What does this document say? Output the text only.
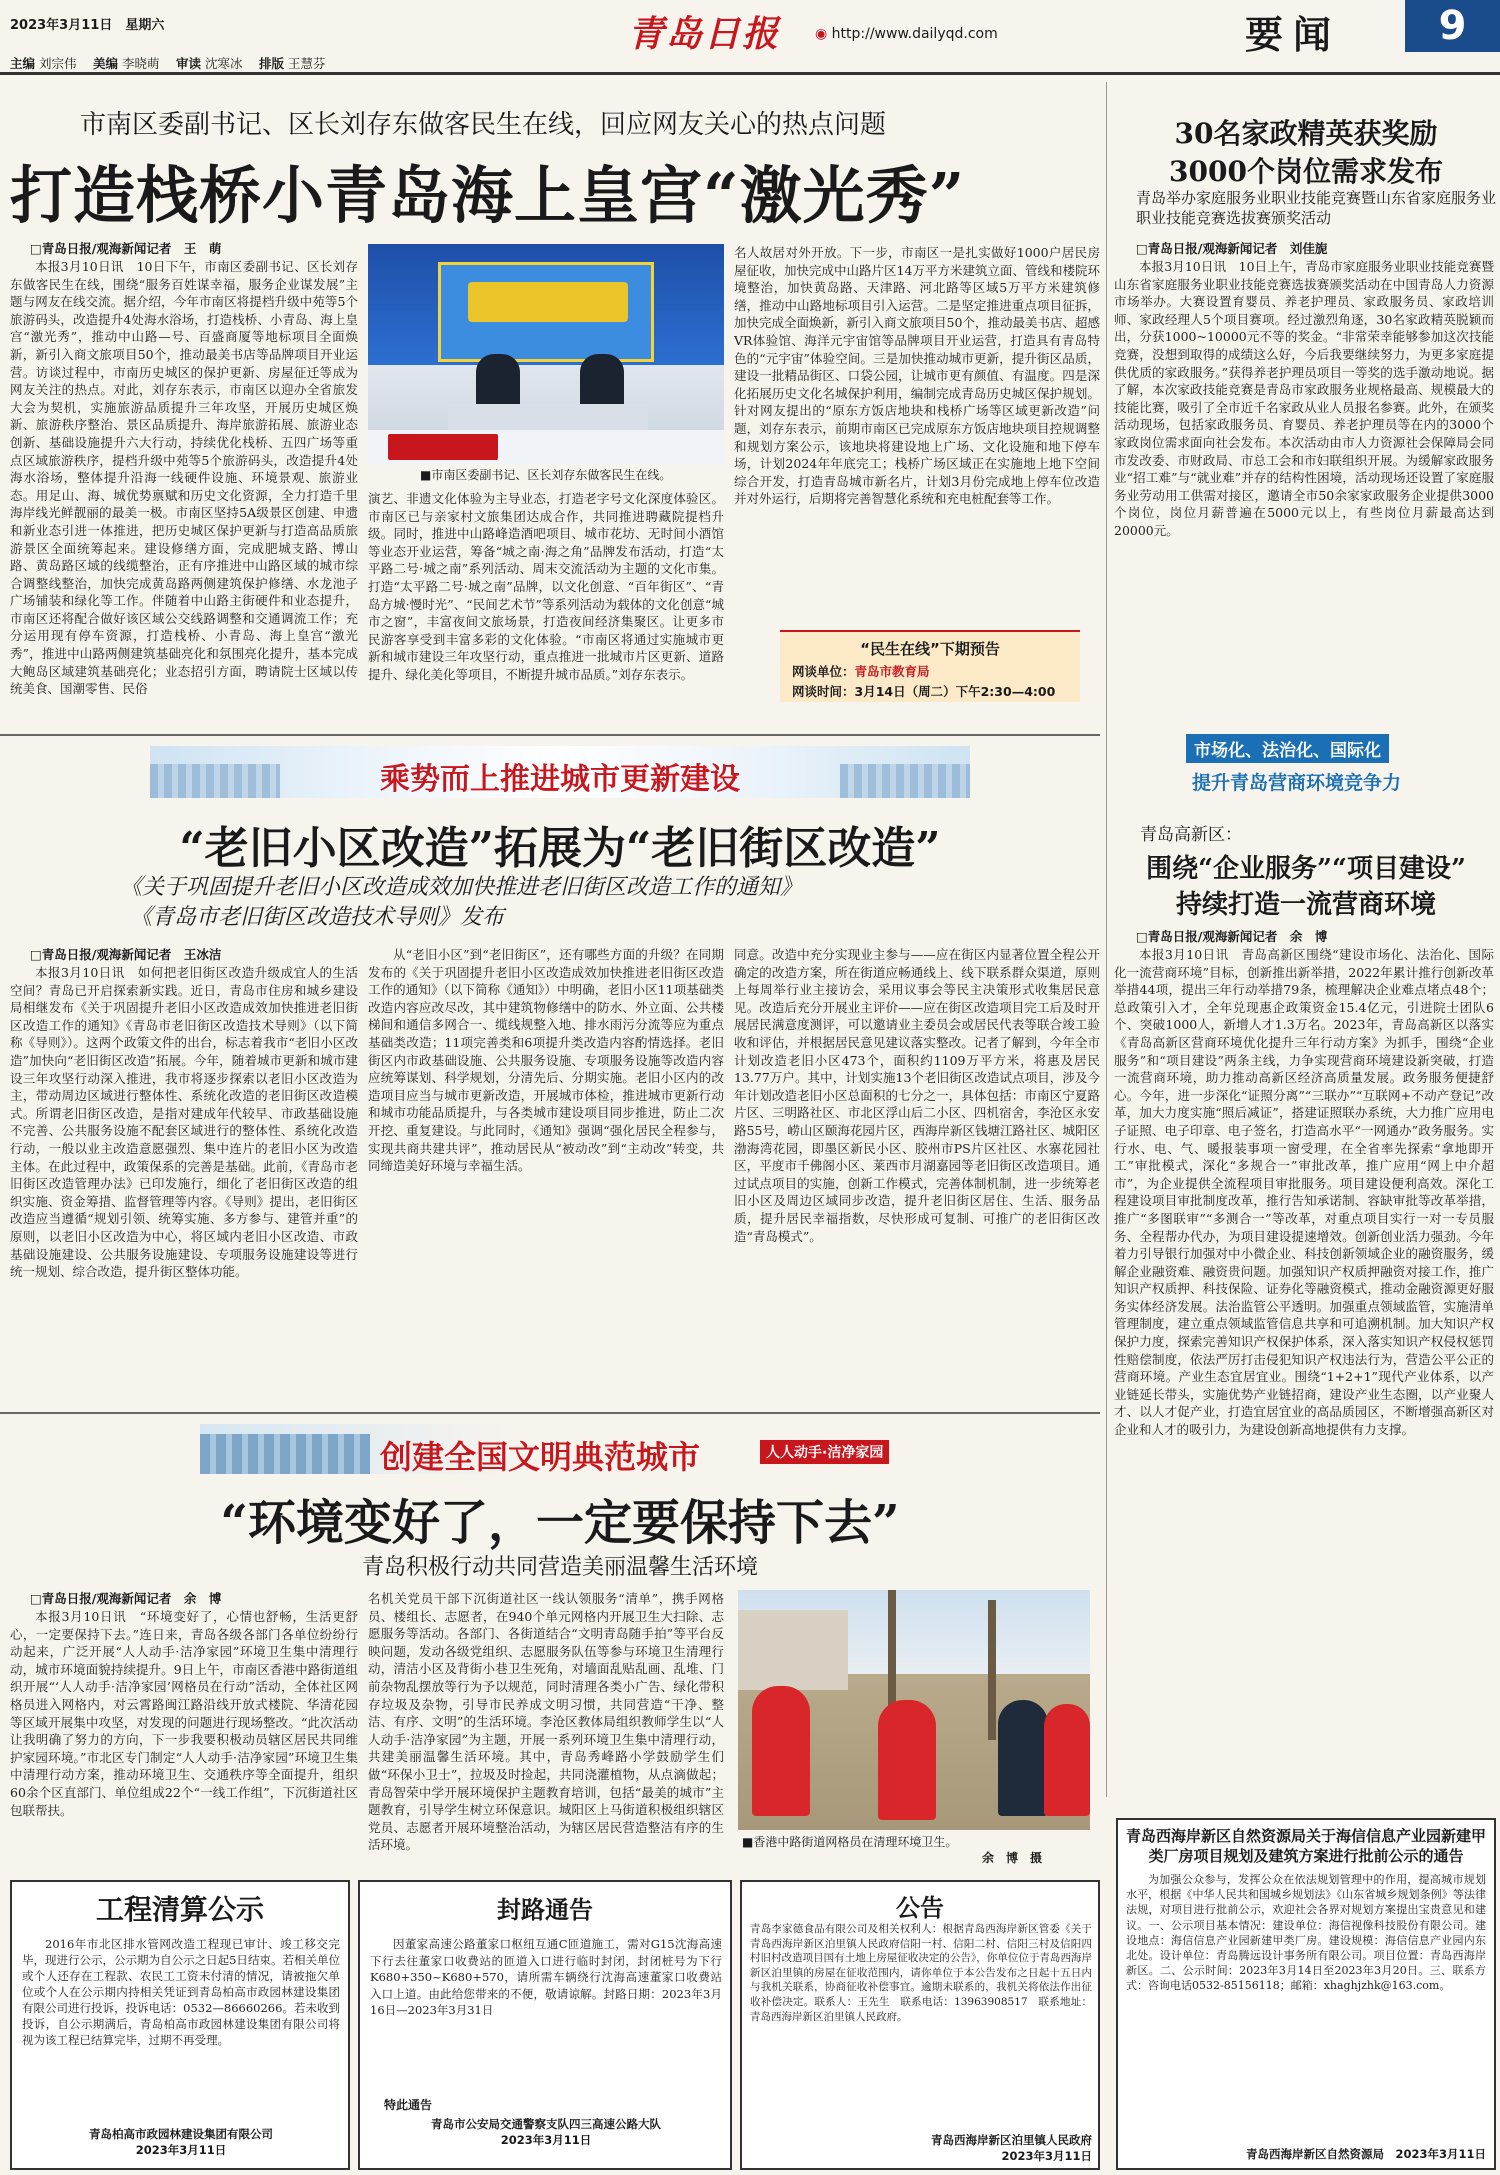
2023年3月11日　 星期六	青岛日报 ◉ http://www.dailyqd.com	要闻	9
主编 刘宗伟　 美编 李晓萌　 审读 沈寒冰　 排版 王慧芬
市南区委副书记、区长刘存东做客民生在线，回应网友关心的热点问题
打造栈桥小青岛海上皇宫“激光秀”
□青岛日报/观海新闻记者　王　萌

本报3月10日讯　10日下午，市南区委副书记、区长刘存东做客民生在线，围绕“服务百姓谋幸福，服务企业谋发展”主题与网友在线交流。据介绍，今年市南区将提档升级中苑等5个旅游码头，改造提升4处海水浴场，打造栈桥、小青岛、海上皇宫“激光秀”，推动中山路—号、百盛商厦等地标项目全面焕新，新引入商文旅项目50个，推动最美书店等品牌项目开业运营。访谈过程中，市南历史城区的保护更新、房屋征迁等成为网友关注的热点。对此，刘存东表示，市南区以迎办全省旅发大会为契机，实施旅游品质提升三年攻坚，开展历史城区焕新、旅游秩序整治、景区品质提升、海岸旅游拓展、旅游业态创新、基础设施提升六大行动，持续优化栈桥、五四广场等重点区域旅游秩序，提档升级中苑等5个旅游码头，改造提升4处海水浴场，整体提升沿海一线硬件设施、环境景观、旅游业态。用足山、海、城优势禀赋和历史文化资源，全力打造千里海岸线光鲜靓丽的最美一极。市南区坚持5A级景区创建、申遗和新业态引进一体推进，把历史城区保护更新与打造高品质旅游景区全面统筹起来。建设修缮方面，完成肥城支路、博山路、黄岛路区域的线缆整治，正有序推进中山路区域的城市综合调整线整治，加快完成黄岛路两侧建筑保护修缮、水龙池子广场铺装和绿化等工作。伴随着中山路主街硬件和业态提升，市南区还将配合做好该区域公交线路调整和交通调流工作；充分运用现有停车资源，打造栈桥、小青岛、海上皇宫“激光秀”，推进中山路两侧建筑基础亮化和氛围亮化提升，基本完成大鲍岛区域建筑基础亮化；业态招引方面，聘请院士区域以传统美食、国潮零售、民俗

■市南区委副书记、区长刘存东做客民生在线。

演艺、非遗文化体验为主导业态，打造老字号文化深度体验区。市南区已与亲家村文旅集团达成合作，共同推进聘藏院提档升级。同时，推进中山路峰造酒吧项目、城市花坊、无时间小酒馆等业态开业运营，筹备“城之南·海之角”品牌发布活动，打造“太平路二号·城之南”系列活动、周末交流活动为主题的文化市集。打造“太平路二号·城之南”品牌，以文化创意、“百年街区”、“青岛方城·慢时光”、“民间艺术节”等系列活动为载体的文化创意“城市之窗”，丰富夜间文旅场景，打造夜间经济集聚区。让更多市民游客享受到丰富多彩的文化体验。“市南区将通过实施城市更新和城市建设三年攻坚行动，重点推进一批城市片区更新、道路提升、绿化美化等项目，不断提升城市品质。”刘存东表示。

名人故居对外开放。下一步，市南区一是扎实做好1000户居民房屋征收，加快完成中山路片区14万平方米建筑立面、管线和楼院环境整治，加快黄岛路、天津路、河北路等区域5万平方米建筑修缮，推动中山路地标项目引入运营。二是坚定推进重点项目征拆，加快完成全面焕新，新引入商文旅项目50个，推动最美书店、超感VR体验馆、海洋元宇宙馆等品牌项目开业运营，打造具有青岛特色的“元宇宙”体验空间。三是加快推动城市更新，提升街区品质，建设一批精品街区、口袋公园，让城市更有颜值、有温度。四是深化拓展历史文化名城保护利用，编制完成青岛历史城区保护规划。针对网友提出的“原东方饭店地块和栈桥广场等区域更新改造”问题，刘存东表示，前期市南区已完成原东方饭店地块项目控规调整和规划方案公示，该地块将建设地上广场、文化设施和地下停车场，计划2024年年底完工；栈桥广场区域正在实施地上地下空间综合开发，打造青岛城市新名片，计划3月份完成地上停车位改造并对外运行，后期将完善智慧化系统和充电桩配套等工作。

“民生在线”下期预告
网谈单位：青岛市教育局
网谈时间：3月14日（周二）下午2:30—4:00
乘势而上推进城市更新建设
“老旧小区改造”拓展为“老旧街区改造”
《关于巩固提升老旧小区改造成效加快推进老旧街区改造工作的通知》
《青岛市老旧街区改造技术导则》发布
□青岛日报/观海新闻记者　王冰洁

本报3月10日讯　如何把老旧街区改造升级成宜人的生活空间？青岛已开启探索新实践。近日，青岛市住房和城乡建设局相继发布《关于巩固提升老旧小区改造成效加快推进老旧街区改造工作的通知》《青岛市老旧街区改造技术导则》（以下简称《导则》）。这两个政策文件的出台，标志着我市“老旧小区改造”加快向“老旧街区改造”拓展。今年，随着城市更新和城市建设三年攻坚行动深入推进，我市将逐步探索以老旧小区改造为主，带动周边区域进行整体性、系统化改造的老旧街区改造模式。所谓老旧街区改造，是指对建成年代较早、市政基础设施不完善、公共服务设施不配套区域进行的整体性、系统化改造行动，一般以业主改造意愿强烈、集中连片的老旧小区为改造主体。在此过程中，政策保系的完善是基础。此前，《青岛市老旧街区改造管理办法》已印发施行，细化了老旧街区改造的组织实施、资金筹措、监督管理等内容。《导则》提出，老旧街区改造应当遵循“规划引领、统筹实施、多方参与、建管并重”的原则，以老旧小区改造为中心，将区域内老旧小区改造、市政基础设施建设、公共服务设施建设、专项服务设施建设等进行统一规划、综合改造，提升街区整体功能。

从“老旧小区”到“老旧街区”，还有哪些方面的升级？在同期发布的《关于巩固提升老旧小区改造成效加快推进老旧街区改造工作的通知》（以下简称《通知》）中明确，老旧小区11项基础类改造内容应改尽改，其中建筑物修缮中的防水、外立面、公共楼梯间和通信多网合一、缆线规整入地、排水雨污分流等应为重点基础类改造；11项完善类和6项提升类改造内容酌情选择。老旧街区内市政基础设施、公共服务设施、专项服务设施等改造内容应统筹谋划、科学规划，分清先后、分期实施。老旧小区内的改造项目应当与城市更新改造，开展城市体检，推进城市更新行动和城市功能品质提升，与各类城市建设项目同步推进，防止二次开挖、重复建设。与此同时，《通知》强调“强化居民全程参与，实现共商共建共评”，推动居民从“被动改”到“主动改”转变，共同缔造美好环境与幸福生活。

同意。改造中充分实现业主参与——应在街区内显著位置全程公开确定的改造方案，所在街道应畅通线上、线下联系群众渠道，原则上每周举行业主接访会，采用议事会等民主决策形式收集居民意见。改造后充分开展业主评价——应在街区改造项目完工后及时开展居民满意度测评，可以邀请业主委员会或居民代表等联合竣工验收和评估，并根据居民意见建议落实整改。记者了解到，今年全市计划改造老旧小区473个，面积约1109万平方米，将惠及居民13.77万户。其中，计划实施13个老旧街区改造试点项目，涉及今年计划改造老旧小区总面积的七分之一，具体包括：市南区宁夏路片区、三明路社区、市北区浮山后二小区、四机宿舍，李沧区永安路55号，崂山区颐海花园片区，西海岸新区钱塘江路社区、城阳区渤海湾花园，即墨区新民小区、胶州市PS片区社区、水寨花园社区，平度市千佛阁小区、莱西市月湖嘉园等老旧街区改造项目。通过试点项目的实施，创新工作模式，完善体制机制，进一步统筹老旧小区及周边区域同步改造，提升老旧街区居住、生活、服务品质，提升居民幸福指数，尽快形成可复制、可推广的老旧街区改造“青岛模式”。

创建全国文明典范城市	人人动手·洁净家园
“环境变好了，一定要保持下去”
青岛积极行动共同营造美丽温馨生活环境
□青岛日报/观海新闻记者　余　博

本报3月10日讯　“环境变好了，心情也舒畅，生活更舒心，一定要保持下去。”连日来，青岛各级各部门各单位纷纷行动起来，广泛开展“人人动手·洁净家园”环境卫生集中清理行动，城市环境面貌持续提升。9日上午，市南区香港中路街道组织开展“‘人人动手·洁净家园’网格员在行动”活动，全体社区网格员进入网格内，对云霄路闽江路沿线开放式楼院、华清花园等区域开展集中攻坚，对发现的问题进行现场整改。“此次活动让我明确了努力的方向，下一步我要积极动员辖区居民共同维护家园环境。”市北区专门制定“人人动手·洁净家园”环境卫生集中清理行动方案，推动环境卫生、交通秩序等全面提升，组织60余个区直部门、单位组成22个“一线工作组”，下沉街道社区包联帮扶。

名机关党员干部下沉街道社区一线认领服务“清单”，携手网格员、楼组长、志愿者，在940个单元网格内开展卫生大扫除、志愿服务等活动。各部门、各街道结合“文明青岛随手拍”等平台反映问题，发动各级党组织、志愿服务队伍等参与环境卫生清理行动，清洁小区及背街小巷卫生死角，对墙面乱贴乱画、乱堆、门前杂物乱摆放等行为予以规范，同时清理各类小广告、绿化带积存垃圾及杂物，引导市民养成文明习惯，共同营造“干净、整洁、有序、文明”的生活环境。李沧区教体局组织教师学生以“人人动手·洁净家园”为主题，开展一系列环境卫生集中清理行动，共建美丽温馨生活环境。其中，青岛秀峰路小学鼓励学生们做“环保小卫士”，拉圾及时捡起，共同浇灌植物，从点滴做起；青岛智荣中学开展环境保护主题教育培训，包括“最美的城市”主题教育，引导学生树立环保意识。城阳区上马街道积极组织辖区党员、志愿者开展环境整治活动，为辖区居民营造整洁有序的生活环境。	■香港中路街道网格员在清理环境卫生。
余　博　摄
30名家政精英获奖励
3000个岗位需求发布
青岛举办家庭服务业职业技能竞赛暨山东省家庭服务业职业技能竞赛选拔赛颁奖活动
□青岛日报/观海新闻记者　刘佳旎

本报3月10日讯　10日上午，青岛市家庭服务业职业技能竞赛暨山东省家庭服务业职业技能竞赛选拔赛颁奖活动在中国青岛人力资源市场举办。大赛设置育婴员、养老护理员、家政服务员、家政培训师、家政经理人5个项目赛项。经过激烈角逐，30名家政精英脱颖而出，分获1000~10000元不等的奖金。“非常荣幸能够参加这次技能竞赛，没想到取得的成绩这么好，今后我要继续努力，为更多家庭提供优质的家政服务。”获得养老护理员项目一等奖的选手激动地说。据了解，本次家政技能竞赛是青岛市家政服务业规格最高、规模最大的技能比赛，吸引了全市近千名家政从业人员报名参赛。此外，在颁奖活动现场，包括家政服务员、育婴员、养老护理员等在内的3000个家政岗位需求面向社会发布。本次活动由市人力资源社会保障局会同市发改委、市财政局、市总工会和市妇联组织开展。为缓解家政服务业“招工难”与“就业难”并存的结构性困境，活动现场还设置了家庭服务业劳动用工供需对接区，邀请全市50余家家政服务企业提供3000个岗位，岗位月薪普遍在5000元以上，有些岗位月薪最高达到20000元。

市场化、法治化、国际化
提升青岛营商环境竞争力
青岛高新区：
围绕“企业服务”“项目建设”
持续打造一流营商环境
□青岛日报/观海新闻记者　余　博

本报3月10日讯　青岛高新区围绕“建设市场化、法治化、国际化一流营商环境”目标，创新推出新举措，2022年累计推行创新改革举措44项，提出三年行动举措79条，梳理解决企业难点堵点48个；总政策引入才，全年兑现惠企政策资金15.4亿元，引进院士团队6个、突破1000人，新增人才1.3万名。2023年，青岛高新区以落实《青岛高新区营商环境优化提升三年行动方案》为抓手，围绕“企业服务”和“项目建设”两条主线，力争实现营商环境建设新突破，打造一流营商环境，助力推动高新区经济高质量发展。政务服务便捷舒心。今年，进一步深化“证照分离”“三联办”“互联网+不动产登记”改革，加大力度实施“照后减证”，搭建证照联办系统，大力推广应用电子证照、电子印章、电子签名，打造高水平“一网通办”政务服务。实行水、电、气、暖报装事项一窗受理，在全省率先探索“拿地即开工”审批模式，深化“多规合一”审批改革，推广应用“网上中介超市”，为企业提供全流程项目审批服务。项目建设便利高效。深化工程建设项目审批制度改革，推行告知承诺制、容缺审批等改革举措，推广“多图联审”“多测合一”等改革，对重点项目实行一对一专员服务、全程帮办代办，为项目建设提速增效。创新创业活力强劲。今年着力引导银行加强对中小微企业、科技创新领域企业的融资服务，缓解企业融资难、融资贵问题。加强知识产权质押融资对接工作，推广知识产权质押、科技保险、证券化等融资模式，推动金融资源更好服务实体经济发展。法治监管公平透明。加强重点领域监管，实施清单管理制度，建立重点领域监管信息共享和可追溯机制。加大知识产权保护力度，探索完善知识产权保护体系，深入落实知识产权侵权惩罚性赔偿制度，依法严厉打击侵犯知识产权违法行为，营造公平公正的营商环境。产业生态宜居宜业。围绕“1+2+1”现代产业体系，以产业链延长带头，实施优势产业链招商，建设产业生态圈，以产业聚人才、以人才促产业，打造宜居宜业的高品质园区，不断增强高新区对企业和人才的吸引力，为建设创新高地提供有力支撑。

青岛西海岸新区自然资源局关于海信信息产业园新建甲类厂房项目规划及建筑方案进行批前公示的通告

为加强公众参与，发挥公众在依法规划管理中的作用，提高城市规划水平，根据《中华人民共和国城乡规划法》《山东省城乡规划条例》等法律法规，对项目进行批前公示，欢迎社会各界对规划方案提出宝贵意见和建议。一、公示项目基本情况：建设单位：海信视像科技股份有限公司。建设地点：海信信息产业园新建甲类厂房。建设规模：海信信息产业园内东北处。设计单位：青岛腾远设计事务所有限公司。项目位置：青岛西海岸新区。二、公示时间：2023年3月14日至2023年3月20日。三、联系方式：咨询电话0532-85156118；邮箱：xhaghjzhk@163.com。

青岛西海岸新区自然资源局　2023年3月11日
工程清算公示

2016年市北区排水管网改造工程现已审计、竣工移交完毕，现进行公示，公示期为自公示之日起5日结束。若相关单位或个人还存在工程款、农民工工资未付清的情况，请被拖欠单位或个人在公示期内持相关凭证到青岛柏高市政园林建设集团有限公司进行投诉，投诉电话：0532—86660266。若未收到投诉，自公示期满后，青岛柏高市政园林建设集团有限公司将视为该工程已结算完毕，过期不再受理。

青岛柏高市政园林建设集团有限公司
2023年3月11日
封路通告

因董家高速公路董家口枢纽互通C匝道施工，需对G15沈海高速下行去往董家口收费站的匝道入口进行临时封闭，封闭桩号为下行K680+350~K680+570，请所需车辆绕行沈海高速董家口收费站入口上道。由此给您带来的不便，敬请谅解。封路日期：2023年3月16日—2023年3月31日

特此通告
青岛市公安局交通警察支队四三高速公路大队
2023年3月11日
公告

青岛李家德食品有限公司及相关权利人：根据青岛西海岸新区管委《关于青岛西海岸新区泊里镇人民政府信阳一村、信阳二村、信阳三村及信阳四村旧村改造项目国有土地上房屋征收决定的公告》，你单位位于青岛西海岸新区泊里镇的房屋在征收范围内，请你单位于本公告发布之日起十五日内与我机关联系，协商征收补偿事宜。逾期未联系的，我机关将依法作出征收补偿决定。联系人：王先生　联系电话：13963908517　联系地址：青岛西海岸新区泊里镇人民政府。

青岛西海岸新区泊里镇人民政府
2023年3月11日
